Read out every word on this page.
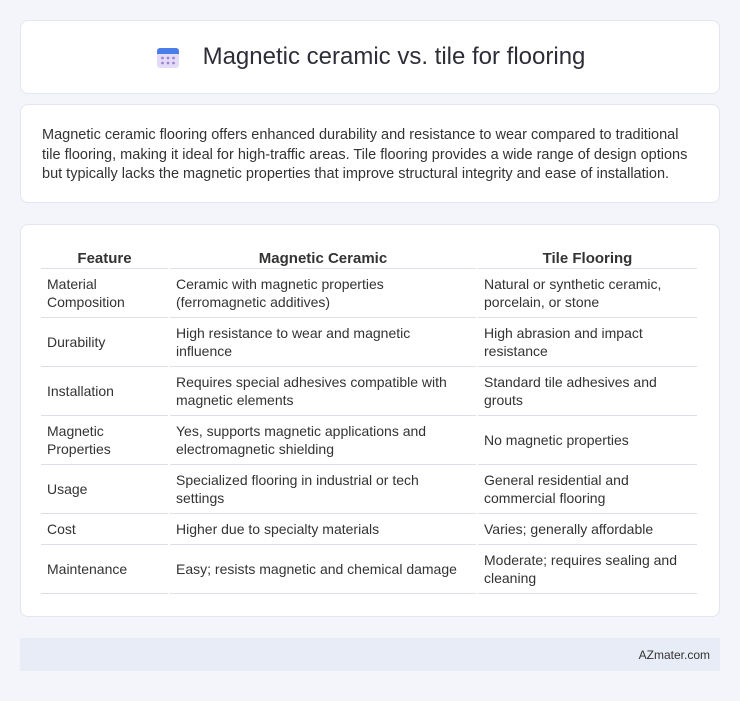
Magnetic ceramic vs. tile for flooring

Magnetic ceramic flooring offers enhanced durability and resistance to wear compared to traditional tile flooring, making it ideal for high-traffic areas. Tile flooring provides a wide range of design options but typically lacks the magnetic properties that improve structural integrity and ease of installation.

Feature	Magnetic Ceramic	Tile Flooring
Material Composition	Ceramic with magnetic properties (ferromagnetic additives)	Natural or synthetic ceramic, porcelain, or stone
Durability	High resistance to wear and magnetic influence	High abrasion and impact resistance
Installation	Requires special adhesives compatible with magnetic elements	Standard tile adhesives and grouts
Magnetic Properties	Yes, supports magnetic applications and electromagnetic shielding	No magnetic properties
Usage	Specialized flooring in industrial or tech settings	General residential and commercial flooring
Cost	Higher due to specialty materials	Varies; generally affordable
Maintenance	Easy; resists magnetic and chemical damage	Moderate; requires sealing and cleaning
AZmater.com
